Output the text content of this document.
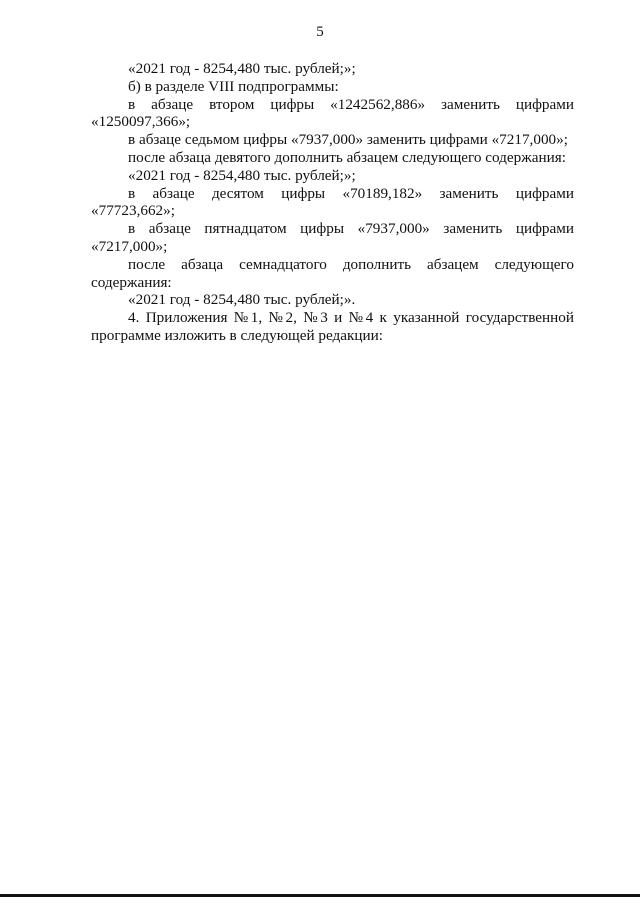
5

«2021 год - 8254,480 тыс. рублей;»;

б) в разделе VIII подпрограммы:

в абзаце втором цифры «1242562,886» заменить цифрами «1250097,366»;

в абзаце седьмом цифры «7937,000» заменить цифрами «7217,000»;

после абзаца девятого дополнить абзацем следующего содержания:

«2021 год - 8254,480 тыс. рублей;»;

в абзаце десятом цифры «70189,182» заменить цифрами «77723,662»;

в абзаце пятнадцатом цифры «7937,000» заменить цифрами «7217,000»;

после абзаца семнадцатого дополнить абзацем следующего содержания:

«2021 год - 8254,480 тыс. рублей;».

4. Приложения №1, №2, №3 и №4 к указанной государственной программе изложить в следующей редакции:
